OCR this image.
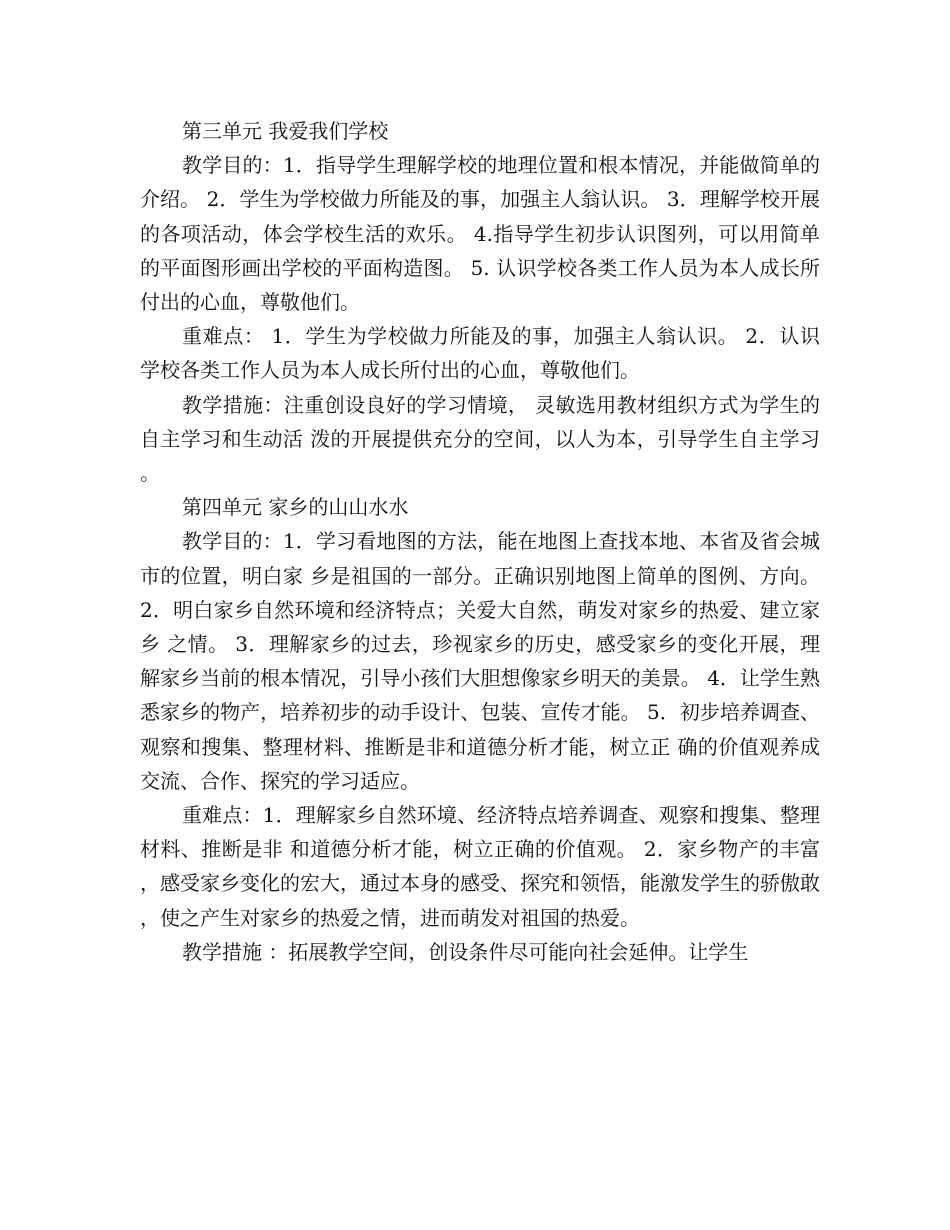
第三单元 我爱我们学校

教学目的：1．指导学生理解学校的地理位置和根本情况，并能做简单的介绍。 2．学生为学校做力所能及的事，加强主人翁认识。 3．理解学校开展的各项活动，体会学校生活的欢乐。 4.指导学生初步认识图列，可以用简单的平面图形画出学校的平面构造图。 5. 认识学校各类工作人员为本人成长所付出的心血，尊敬他们。

重难点： 1．学生为学校做力所能及的事，加强主人翁认识。 2．认识学校各类工作人员为本人成长所付出的心血，尊敬他们。

教学措施：注重创设良好的学习情境， 灵敏选用教材组织方式为学生的自主学习和生动活 泼的开展提供充分的空间，以人为本，引导学生自主学习。

第四单元 家乡的山山水水

教学目的：1．学习看地图的方法，能在地图上查找本地、本省及省会城市的位置，明白家 乡是祖国的一部分。正确识别地图上简单的图例、方向。 2．明白家乡自然环境和经济特点；关爱大自然，萌发对家乡的热爱、建立家乡 之情。 3．理解家乡的过去，珍视家乡的历史，感受家乡的变化开展，理解家乡当前的根本情况，引导小孩们大胆想像家乡明天的美景。 4．让学生熟悉家乡的物产，培养初步的动手设计、包装、宣传才能。 5．初步培养调查、观察和搜集、整理材料、推断是非和道德分析才能，树立正 确的价值观养成交流、合作、探究的学习适应。

重难点：1．理解家乡自然环境、经济特点培养调查、观察和搜集、整理材料、推断是非 和道德分析才能，树立正确的价值观。 2．家乡物产的丰富，感受家乡变化的宏大，通过本身的感受、探究和领悟，能激发学生的骄傲敢，使之产生对家乡的热爱之情，进而萌发对祖国的热爱。

教学措施 ：拓展教学空间，创设条件尽可能向社会延伸。让学生
